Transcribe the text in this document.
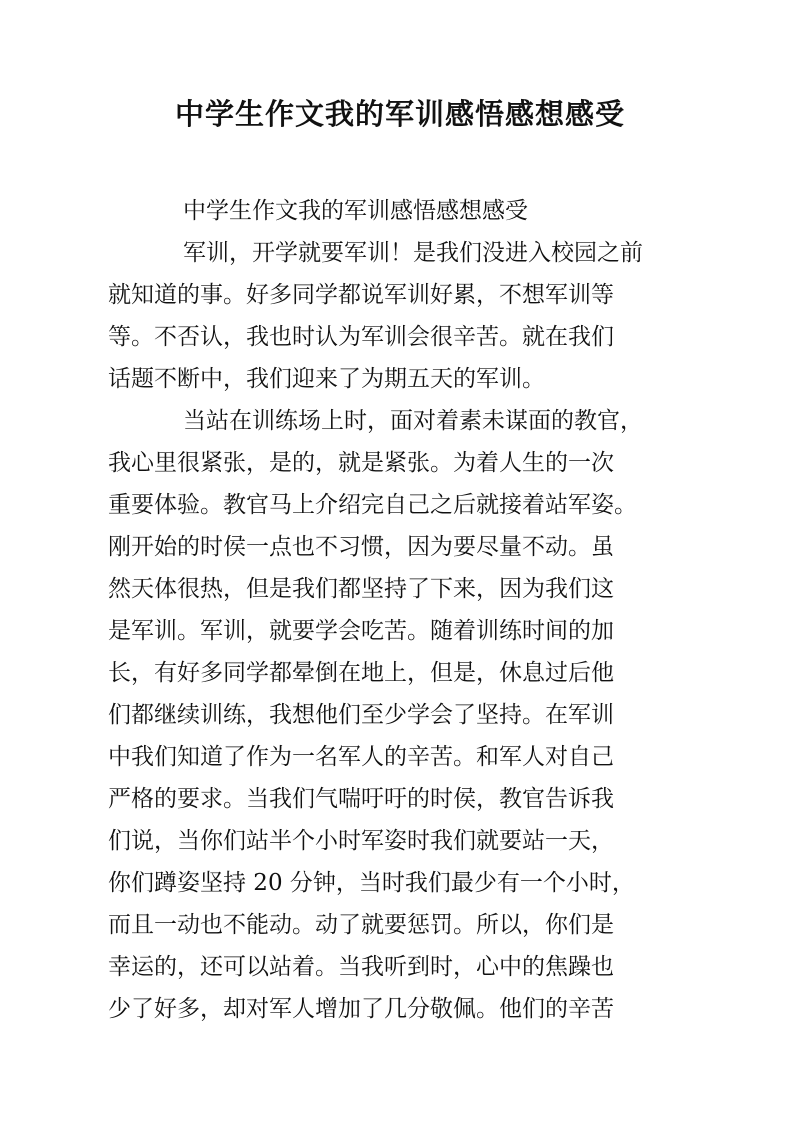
中学生作文我的军训感悟感想感受

中学生作文我的军训感悟感想感受

军训，开学就要军训！是我们没进入校园之前

就知道的事。好多同学都说军训好累，不想军训等

等。不否认，我也时认为军训会很辛苦。就在我们

话题不断中，我们迎来了为期五天的军训。

当站在训练场上时，面对着素未谋面的教官，

我心里很紧张，是的，就是紧张。为着人生的一次

重要体验。教官马上介绍完自己之后就接着站军姿。

刚开始的时侯一点也不习惯，因为要尽量不动。虽

然天体很热，但是我们都坚持了下来，因为我们这

是军训。军训，就要学会吃苦。随着训练时间的加

长，有好多同学都晕倒在地上，但是，休息过后他

们都继续训练，我想他们至少学会了坚持。在军训

中我们知道了作为一名军人的辛苦。和军人对自己

严格的要求。当我们气喘吁吁的时侯，教官告诉我

们说，当你们站半个小时军姿时我们就要站一天，

你们蹲姿坚持 20 分钟，当时我们最少有一个小时，

而且一动也不能动。动了就要惩罚。所以，你们是

幸运的，还可以站着。当我听到时，心中的焦躁也

少了好多，却对军人增加了几分敬佩。他们的辛苦
